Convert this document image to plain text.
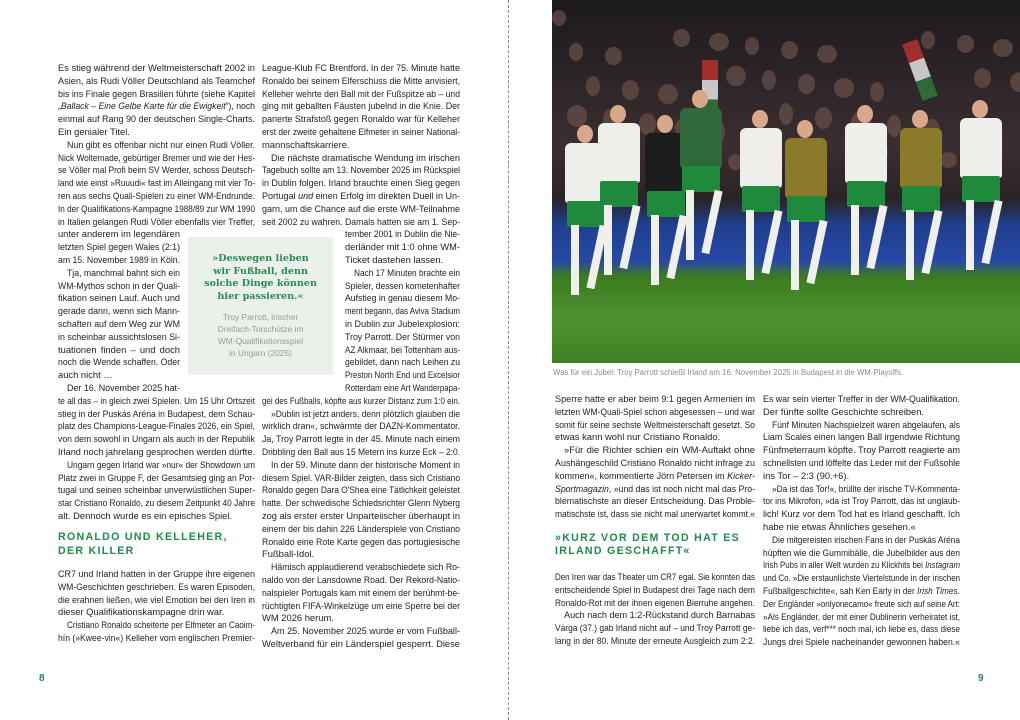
Es stieg während der Weltmeisterschaft 2002 in
Asien, als Rudi Völler Deutschland als Teamchef
bis ins Finale gegen Brasilien führte (siehe Kapitel
„Ballack – Eine Gelbe Karte für die Ewigkeit“), noch
einmal auf Rang 90 der deutschen Single-Charts.
Ein genialer Titel.
Nun gibt es offenbar nicht nur einen Rudi Völler.
Nick Woltemade, gebürtiger Bremer und wie der Hes-
se Völler mal Profi beim SV Werder, schoss Deutsch-
land wie einst »Ruuudi« fast im Alleingang mit vier To-
ren aus sechs Quali-Spielen zu einer WM-Endrunde.
In der Qualifikations-Kampagne 1988/89 zur WM 1990
in Italien gelangen Rudi Völler ebenfalls vier Treffer,
unter anderem im legendären
letzten Spiel gegen Wales (2:1)
am 15. November 1989 in Köln.
Tja, manchmal bahnt sich ein
WM-Mythos schon in der Quali-
fikation seinen Lauf. Auch und
gerade dann, wenn sich Mann-
schaften auf dem Weg zur WM
in scheinbar aussichtslosen Si-
tuationen finden – und doch
noch die Wende schaffen. Oder
auch nicht …
Der 16. November 2025 hat-
te all das – in gleich zwei Spielen. Um 15 Uhr Ortszeit
stieg in der Puskás Aréna in Budapest, dem Schau-
platz des Champions-League-Finales 2026, ein Spiel,
von dem sowohl in Ungarn als auch in der Republik
Irland noch jahrelang gesprochen werden dürfte.
Ungarn gegen Irland war »nur« der Showdown um
Platz zwei in Gruppe F, der Gesamtsieg ging an Por-
tugal und seinen scheinbar unverwüstlichen Super-
star Cristiano Ronaldo, zu diesem Zeitpunkt 40 Jahre
alt. Dennoch wurde es ein episches Spiel.
RONALDO UND KELLEHER,
DER KILLER
CR7 und Irland hatten in der Gruppe ihre eigenen
WM-Geschichten geschrieben. Es waren Episoden,
die erahnen ließen, wie viel Emotion bei den Iren in
dieser Qualifikationskampagne drin war.
Cristiano Ronaldo scheiterte per Elfmeter an Caoim-
hín (»Kwee-vin«) Kelleher vom englischen Premier-
League-Klub FC Brentford. In der 75. Minute hatte
Ronaldo bei seinem Elferschuss die Mitte anvisiert,
Kelleher wehrte den Ball mit der Fußspitze ab – und
ging mit geballten Fäusten jubelnd in die Knie. Der
parierte Strafstoß gegen Ronaldo war für Kelleher
erst der zweite gehaltene Elfmeter in seiner National-
mannschaftskarriere.
Die nächste dramatische Wendung im irischen
Tagebuch sollte am 13. November 2025 im Rückspiel
in Dublin folgen. Irland brauchte einen Sieg gegen
Portugal und einen Erfolg im direkten Duell in Un-
garn, um die Chance auf die erste WM-Teilnahme
seit 2002 zu wahren. Damals hatten sie am 1. Sep-
tember 2001 in Dublin die Nie-
derländer mit 1:0 ohne WM-
Ticket dastehen lassen.
Nach 17 Minuten brachte ein
Spieler, dessen kometenhafter
Aufstieg in genau diesem Mo-
ment begann, das Aviva Stadium
in Dublin zur Jubelexplosion:
Troy Parrott. Der Stürmer von
AZ Alkmaar, bei Tottenham aus-
gebildet, dann nach Leihen zu
Preston North End und Excelsior
Rotterdam eine Art Wanderpapa-
gei des Fußballs, köpfte aus kurzer Distanz zum 1:0 ein.
»Dublin ist jetzt anders, denn plötzlich glauben die
wirklich dran«, schwärmte der DAZN-Kommentator.
Ja, Troy Parrott legte in der 45. Minute nach einem
Dribbling den Ball aus 15 Metern ins kurze Eck – 2:0.
In der 59. Minute dann der historische Moment in
diesem Spiel. VAR-Bilder zeigten, dass sich Cristiano
Ronaldo gegen Dara O'Shea eine Tätlichkeit geleistet
hatte. Der schwedische Schiedsrichter Glenn Nyberg
zog als erster erster Unparteiischer überhaupt in
einem der bis dahin 226 Länderspiele von Cristiano
Ronaldo eine Rote Karte gegen das portugiesische
Fußball-Idol.
Hämisch applaudierend verabschiedete sich Ro-
naldo von der Lansdowne Road. Der Rekord-Natio-
nalspieler Portugals kam mit einem der berühmt-be-
rüchtigten FIFA-Winkelzüge um eine Sperre bei der
WM 2026 herum.
Am 25. November 2025 wurde er vom Fußball-
Weltverband für ein Länderspiel gesperrt. Diese
»Deswegen lieben
wir Fußball, denn
solche Dinge können
hier passieren.«
Troy Parrott, irischer
Dreifach-Torschütze im
WM-Qualifikationsspiel
in Ungarn (2025)
8
Was für ein Jubel: Troy Parrott schießt Irland am 16. November 2025 in Budapest in die WM-Playoffs.
Sperre hatte er aber beim 9:1 gegen Armenien im
letzten WM-Quali-Spiel schon abgesessen – und war
somit für seine sechste Weltmeisterschaft gesetzt. So
etwas kann wohl nur Cristiano Ronaldo.
»Für die Richter schien ein WM-Auftakt ohne
Aushängeschild Cristiano Ronaldo nicht infrage zu
kommen«, kommentierte Jörn Petersen im Kicker-
Sportmagazin, »und das ist noch nicht mal das Pro-
blematischste an dieser Entscheidung. Das Proble-
matischste ist, dass sie nicht mal unerwartet kommt.«
»KURZ VOR DEM TOD HAT ES
IRLAND GESCHAFFT«
Den Iren war das Theater um CR7 egal. Sie konnten das
entscheidende Spiel in Budapest drei Tage nach dem
Ronaldo-Rot mit der ihnen eigenen Bierruhe angehen.
Auch nach dem 1:2-Rückstand durch Barnabas
Várga (37.) gab Irland nicht auf – und Troy Parrott ge-
lang in der 80. Minute der erneute Ausgleich zum 2:2.
Es war sein vierter Treffer in der WM-Qualifikation.
Der fünfte sollte Geschichte schreiben.
Fünf Minuten Nachspielzeit waren abgelaufen, als
Liam Scales einen langen Ball irgendwie Richtung
Fünfmeterraum köpfte. Troy Parrott reagierte am
schnellsten und löffelte das Leder mit der Fußsohle
ins Tor – 2:3 (90.+6).
»Da ist das Tor!«, brüllte der irische TV-Kommenta-
tor ins Mikrofon, »da ist Troy Parrott, das ist unglaub-
lich! Kurz vor dem Tod hat es Irland geschafft. Ich
habe nie etwas Ähnliches gesehen.«
Die mitgereisten irischen Fans in der Puskás Aréna
hüpften wie die Gummibälle, die Jubelbilder aus den
Irish Pubs in aller Welt wurden zu Klickhits bei Instagram
und Co. »Die erstaunlichste Viertelstunde in der irischen
Fußballgeschichte«, sah Ken Early in der Irish Times.
Der Engländer »onlyonecamo« freute sich auf seine Art:
»Als Engländer, der mit einer Dublinerin verheiratet ist,
liebe ich das, verf*** noch mal, ich liebe es, dass diese
Jungs drei Spiele nacheinander gewonnen haben.«
9
